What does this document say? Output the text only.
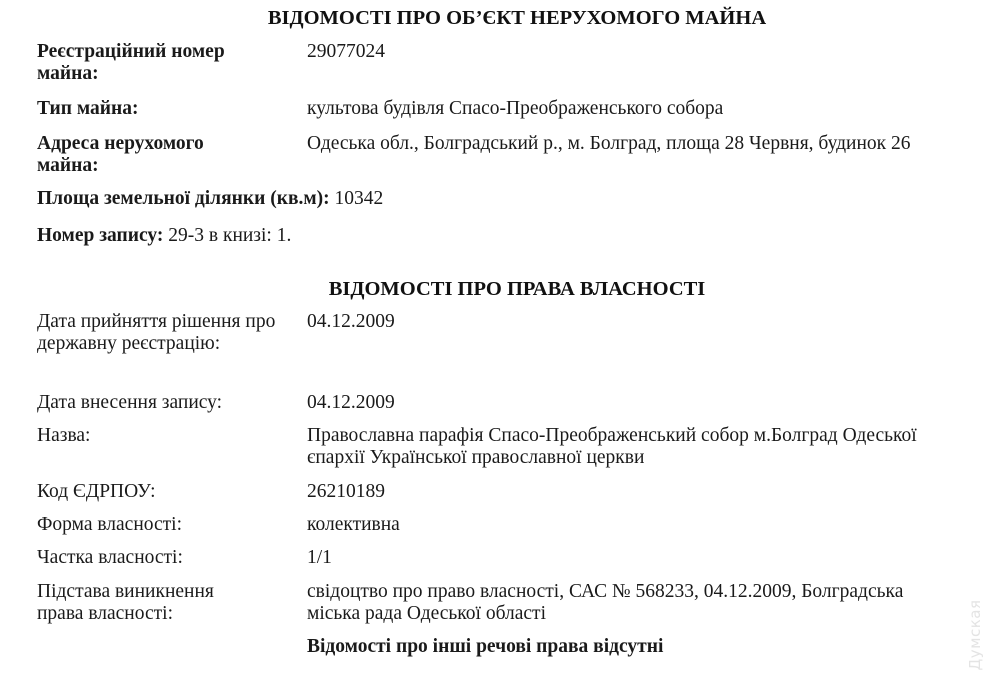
ВІДОМОСТІ ПРО ОБ’ЄКТ НЕРУХОМОГО МАЙНА
Реєстраційний номер майна:
29077024
Тип майна:	культова будівля Спасо-Преображенського собора
Адреса нерухомого майна:
Одеська обл., Болградський р., м. Болград, площа 28 Червня, будинок 26
Площа земельної ділянки (кв.м): 10342
Номер запису: 29-3 в книзі: 1.
ВІДОМОСТІ ПРО ПРАВА ВЛАСНОСТІ
Дата прийняття рішення про державну реєстрацію:
04.12.2009
Дата внесення запису:	04.12.2009
Назва:	Православна парафія Спасо-Преображенський собор м.Болград Одеської єпархії Української православної церкви
Код ЄДРПОУ:	26210189
Форма власності:	колективна
Частка власності:	1/1
Підстава виникнення права власності:
свідоцтво про право власності, САС № 568233, 04.12.2009, Болградська міська рада Одеської області
Відомості про інші речові права відсутні	Думская
